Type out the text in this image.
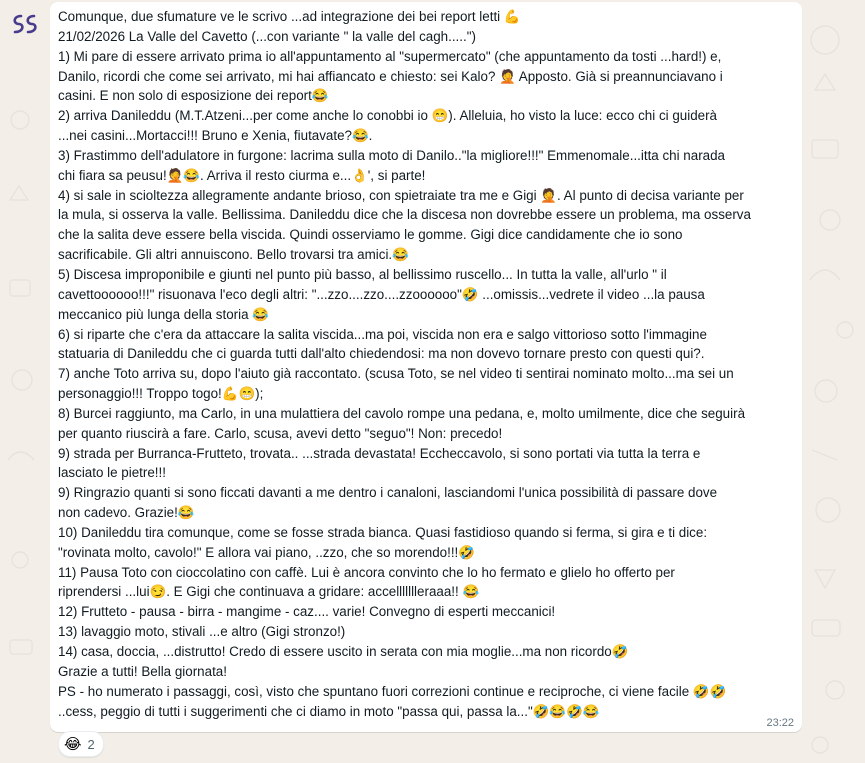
Comunque, due sfumature ve le scrivo ...ad integrazione dei bei report letti 💪
21/02/2026 La Valle del Cavetto (...con variante " la valle del cagh.....")
1) Mi pare di essere arrivato prima io all'appuntamento al "supermercato" (che appuntamento da tosti ...hard!) e,
Danilo, ricordi che come sei arrivato, mi hai affiancato e chiesto: sei Kalo? 🤦 Apposto. Già si preannunciavano i
casini. E non solo di esposizione dei report😂
2) arriva Danileddu (M.T.Atzeni...per come anche lo conobbi io 😁). Alleluia, ho visto la luce: ecco chi ci guiderà
...nei casini...Mortacci!!! Bruno e Xenia, fiutavate?😂.
3) Frastimmo dell'adulatore in furgone: lacrima sulla moto di Danilo.."la migliore!!!" Emmenomale...itta chi narada
chi fiara sa peusu!🤦😂. Arriva il resto ciurma e...👌', si parte!
4) si sale in scioltezza allegramente andante brioso, con spietraiate tra me e Gigi 🤦. Al punto di decisa variante per
la mula, si osserva la valle. Bellissima. Danileddu dice che la discesa non dovrebbe essere un problema, ma osserva
che la salita deve essere bella viscida. Quindi osserviamo le gomme. Gigi dice candidamente che io sono
sacrificabile. Gli altri annuiscono. Bello trovarsi tra amici.😂
5) Discesa improponibile e giunti nel punto più basso, al bellissimo ruscello... In tutta la valle, all'urlo " il
cavettoooooo!!!" risuonava l'eco degli altri: "...zzo....zzo....zzoooooo"🤣 ...omissis...vedrete il video ...la pausa
meccanico più lunga della storia 😂
6) si riparte che c'era da attaccare la salita viscida...ma poi, viscida non era e salgo vittorioso sotto l'immagine
statuaria di Danileddu che ci guarda tutti dall'alto chiedendosi: ma non dovevo tornare presto con questi qui?.
7) anche Toto arriva su, dopo l'aiuto già raccontato. (scusa Toto, se nel video ti sentirai nominato molto...ma sei un
personaggio!!! Troppo togo!💪😁);
8) Burcei raggiunto, ma Carlo, in una mulattiera del cavolo rompe una pedana, e, molto umilmente, dice che seguirà
per quanto riuscirà a fare. Carlo, scusa, avevi detto "seguo"! Non: precedo!
9) strada per Burranca-Frutteto, trovata.. ...strada devastata! Eccheccavolo, si sono portati via tutta la terra e
lasciato le pietre!!!
9) Ringrazio quanti si sono ficcati davanti a me dentro i canaloni, lasciandomi l'unica possibilità di passare dove
non cadevo. Grazie!😂
10) Danileddu tira comunque, come se fosse strada bianca. Quasi fastidioso quando si ferma, si gira e ti dice:
"rovinata molto, cavolo!" E allora vai piano, ..zzo, che so morendo!!!🤣
11) Pausa Toto con cioccolatino con caffè. Lui è ancora convinto che lo ho fermato e glielo ho offerto per
riprendersi ...lui😏. E Gigi che continuava a gridare: accellllllleraaa!! 😂
12) Frutteto - pausa - birra - mangime - caz.... varie! Convegno di esperti meccanici!
13) lavaggio moto, stivali ...e altro (Gigi stronzo!)
14) casa, doccia, ...distrutto! Credo di essere uscito in serata con mia moglie...ma non ricordo🤣
Grazie a tutti! Bella giornata!
PS - ho numerato i passaggi, così, visto che spuntano fuori correzioni continue e reciproche, ci viene facile 🤣🤣
..cess, peggio di tutti i suggerimenti che ci diamo in moto "passa qui, passa la..."🤣😂🤣😂
23:22
😂 2
